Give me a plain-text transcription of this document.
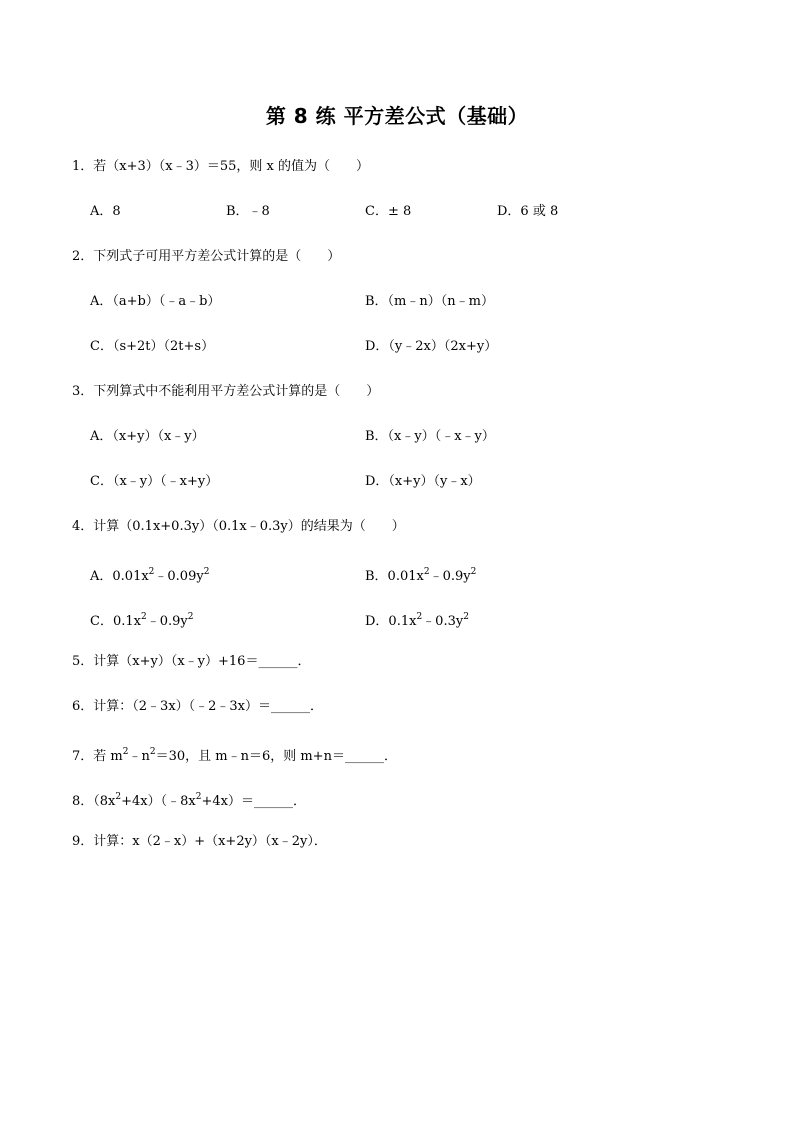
第 8 练 平方差公式（基础）
1．若（x+3）（x﹣3）＝55，则 x 的值为（　　）
A．8	B．﹣8	C．± 8	D．6 或 8
2．下列式子可用平方差公式计算的是（　　）
A．（a+b）（﹣a﹣b）	B．（m﹣n）（n﹣m）
C．（s+2t）（2t+s）	D．（y﹣2x）（2x+y）
3．下列算式中不能利用平方差公式计算的是（　　）
A．（x+y）（x﹣y）	B．（x﹣y）（﹣x﹣y）
C．（x﹣y）（﹣x+y）	D．（x+y）（y﹣x）
4．计算（0.1x+0.3y）（0.1x﹣0.3y）的结果为（　　）
A．$0.01x^2﹣0.09y^2$	B．$0.01x^2﹣0.9y^2$
C．$0.1x^2﹣0.9y^2$	D．$0.1x^2﹣0.3y^2$
5．计算（x+y）（x﹣y）+16＝______．
6．计算：（2﹣3x）（﹣2﹣3x）＝______．
7．若 $m^2﹣n^2=30$，且 m﹣n＝6，则 m+n＝______．
8．$(8x^2+4x)(﹣8x^2+4x)=\_\_\_\_\_\_$．
9．计算：x（2﹣x）+（x+2y）（x﹣2y）．
